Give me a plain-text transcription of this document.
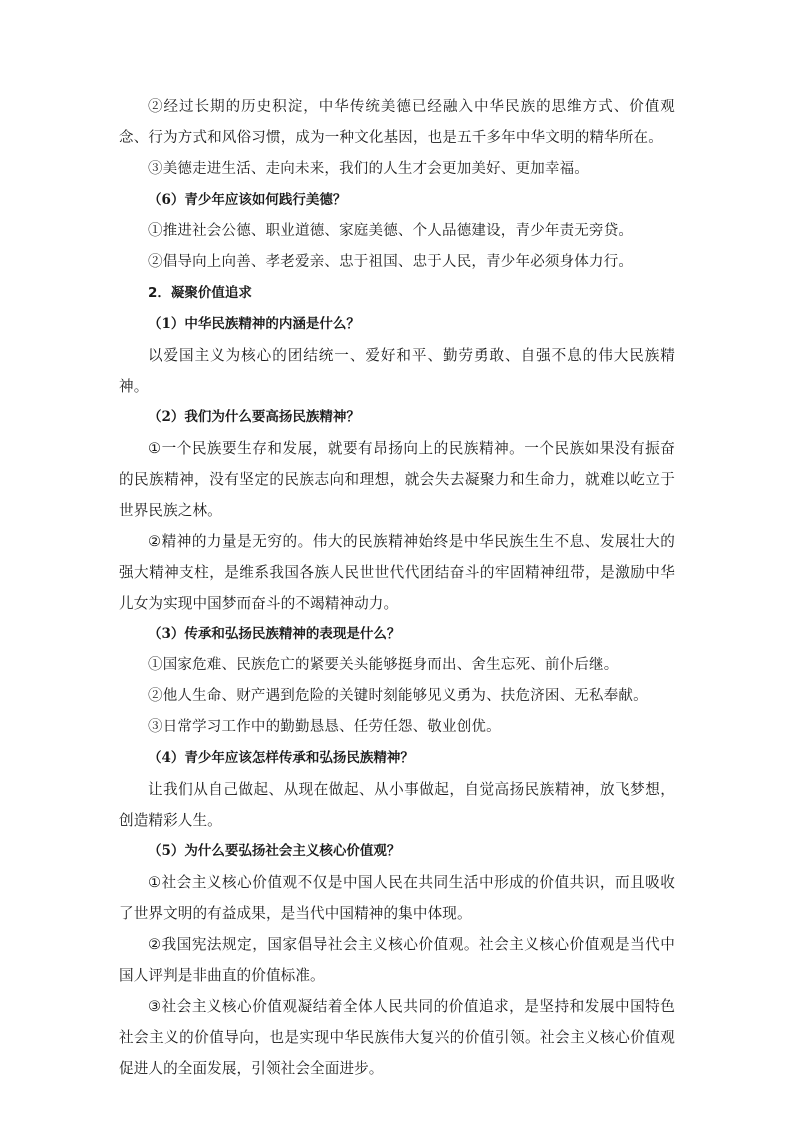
②经过长期的历史积淀，中华传统美德已经融入中华民族的思维方式、价值观念、行为方式和风俗习惯，成为一种文化基因，也是五千多年中华文明的精华所在。

③美德走进生活、走向未来，我们的人生才会更加美好、更加幸福。

（6）青少年应该如何践行美德？

①推进社会公德、职业道德、家庭美德、个人品德建设，青少年责无旁贷。

②倡导向上向善、孝老爱亲、忠于祖国、忠于人民，青少年必须身体力行。

2．凝聚价值追求

（1）中华民族精神的内涵是什么？

以爱国主义为核心的团结统一、爱好和平、勤劳勇敢、自强不息的伟大民族精神。

（2）我们为什么要高扬民族精神？

①一个民族要生存和发展，就要有昂扬向上的民族精神。一个民族如果没有振奋的民族精神，没有坚定的民族志向和理想，就会失去凝聚力和生命力，就难以屹立于世界民族之林。

②精神的力量是无穷的。伟大的民族精神始终是中华民族生生不息、发展壮大的强大精神支柱，是维系我国各族人民世世代代团结奋斗的牢固精神纽带，是激励中华儿女为实现中国梦而奋斗的不竭精神动力。

（3）传承和弘扬民族精神的表现是什么？

①国家危难、民族危亡的紧要关头能够挺身而出、舍生忘死、前仆后继。

②他人生命、财产遇到危险的关键时刻能够见义勇为、扶危济困、无私奉献。

③日常学习工作中的勤勤恳恳、任劳任怨、敬业创优。

（4）青少年应该怎样传承和弘扬民族精神？

让我们从自己做起、从现在做起、从小事做起，自觉高扬民族精神，放飞梦想，创造精彩人生。

（5）为什么要弘扬社会主义核心价值观？

①社会主义核心价值观不仅是中国人民在共同生活中形成的价值共识，而且吸收了世界文明的有益成果，是当代中国精神的集中体现。

②我国宪法规定，国家倡导社会主义核心价值观。社会主义核心价值观是当代中国人评判是非曲直的价值标准。

③社会主义核心价值观凝结着全体人民共同的价值追求，是坚持和发展中国特色社会主义的价值导向，也是实现中华民族伟大复兴的价值引领。社会主义核心价值观促进人的全面发展，引领社会全面进步。
